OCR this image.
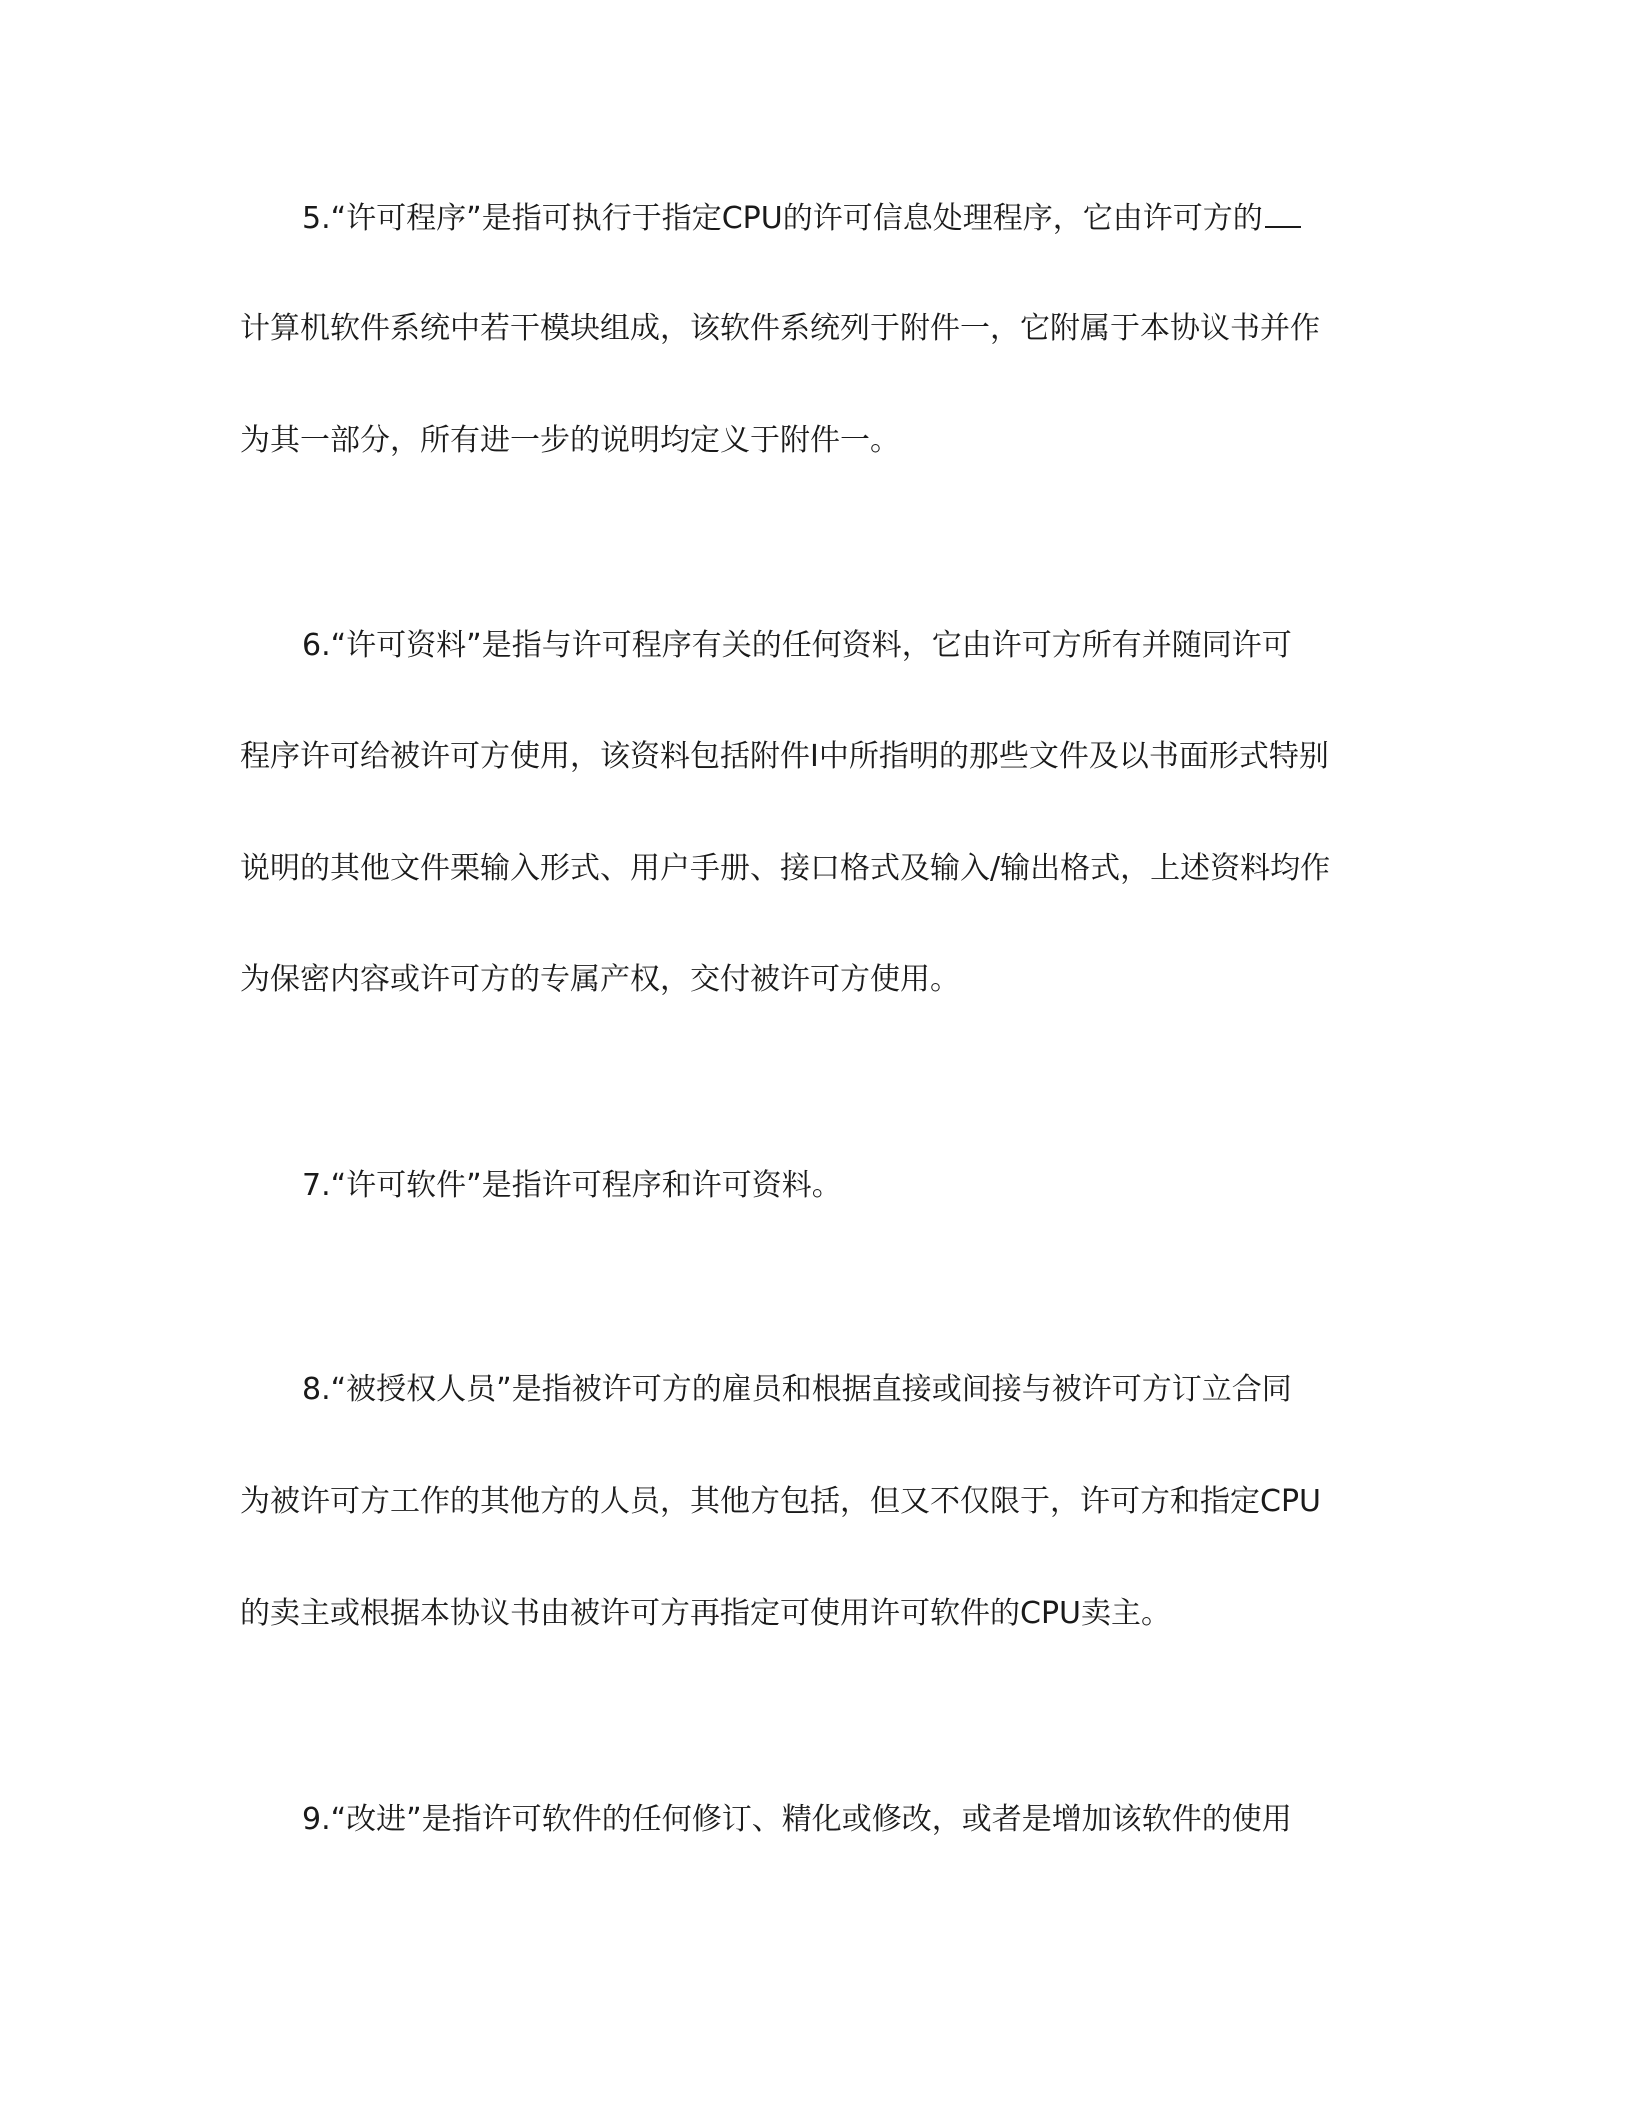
5.“许可程序”是指可执行于指定CPU的许可信息处理程序，它由许可方的
计算机软件系统中若干模块组成，该软件系统列于附件一，它附属于本协议书并作
为其一部分，所有进一步的说明均定义于附件一。
6.“许可资料”是指与许可程序有关的任何资料，它由许可方所有并随同许可
程序许可给被许可方使用，该资料包括附件I中所指明的那些文件及以书面形式特别
说明的其他文件栗输入形式、用户手册、接口格式及输入/输出格式，上述资料均作
为保密内容或许可方的专属产权，交付被许可方使用。
7.“许可软件”是指许可程序和许可资料。
8.“被授权人员”是指被许可方的雇员和根据直接或间接与被许可方订立合同
为被许可方工作的其他方的人员，其他方包括，但又不仅限于，许可方和指定CPU
的卖主或根据本协议书由被许可方再指定可使用许可软件的CPU卖主。
9.“改进”是指许可软件的任何修订、精化或修改，或者是增加该软件的使用
